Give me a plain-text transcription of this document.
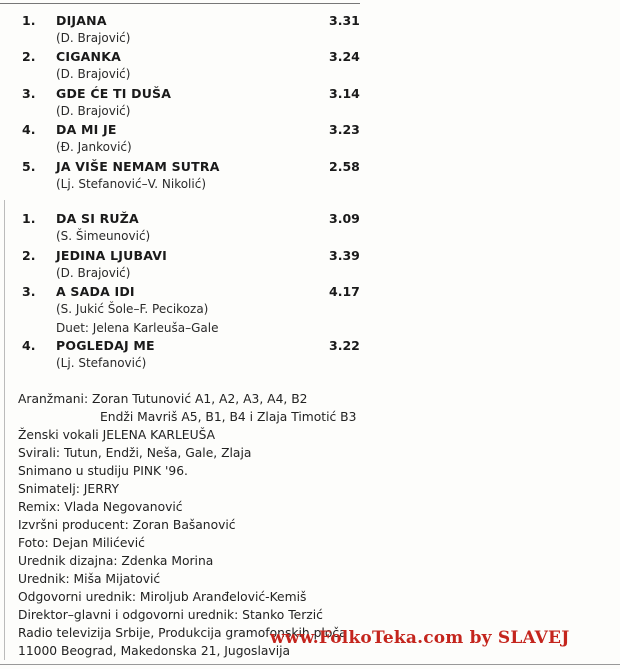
1. DIJANA	3.31
(D. Brajović)
2. CIGANKA	3.24
(D. Brajović)
3. GDE ĆE TI DUŠA	3.14
(D. Brajović)
4. DA MI JE	3.23
(Đ. Janković)
5. JA VIŠE NEMAM SUTRA	2.58
(Lj. Stefanović–V. Nikolić)
1. DA SI RUŽA	3.09
(S. Šimeunović)
2. JEDINA LJUBAVI	3.39
(D. Brajović)
3. A SADA IDI	4.17
(S. Jukić Šole–F. Pecikoza)
Duet: Jelena Karleuša–Gale
4. POGLEDAJ ME	3.22
(Lj. Stefanović)
Aranžmani: Zoran Tutunović A1, A2, A3, A4, B2
Endži Mavriš A5, B1, B4 i Zlaja Timotić B3
Ženski vokali JELENA KARLEUŠA
Svirali: Tutun, Endži, Neša, Gale, Zlaja
Snimano u studiju PINK '96.
Snimatelj: JERRY
Remix: Vlada Negovanović
Izvršni producent: Zoran Bašanović
Foto: Dejan Milićević
Urednik dizajna: Zdenka Morina
Urednik: Miša Mijatović
Odgovorni urednik: Miroljub Aranđelović-Kemiš
Direktor–glavni i odgovorni urednik: Stanko Terzić
Radio televizija Srbije, Produkcija gramofonskih ploča
11000 Beograd, Makedonska 21, Jugoslavija
www.FolkoTeka.com by SLAVEJ
